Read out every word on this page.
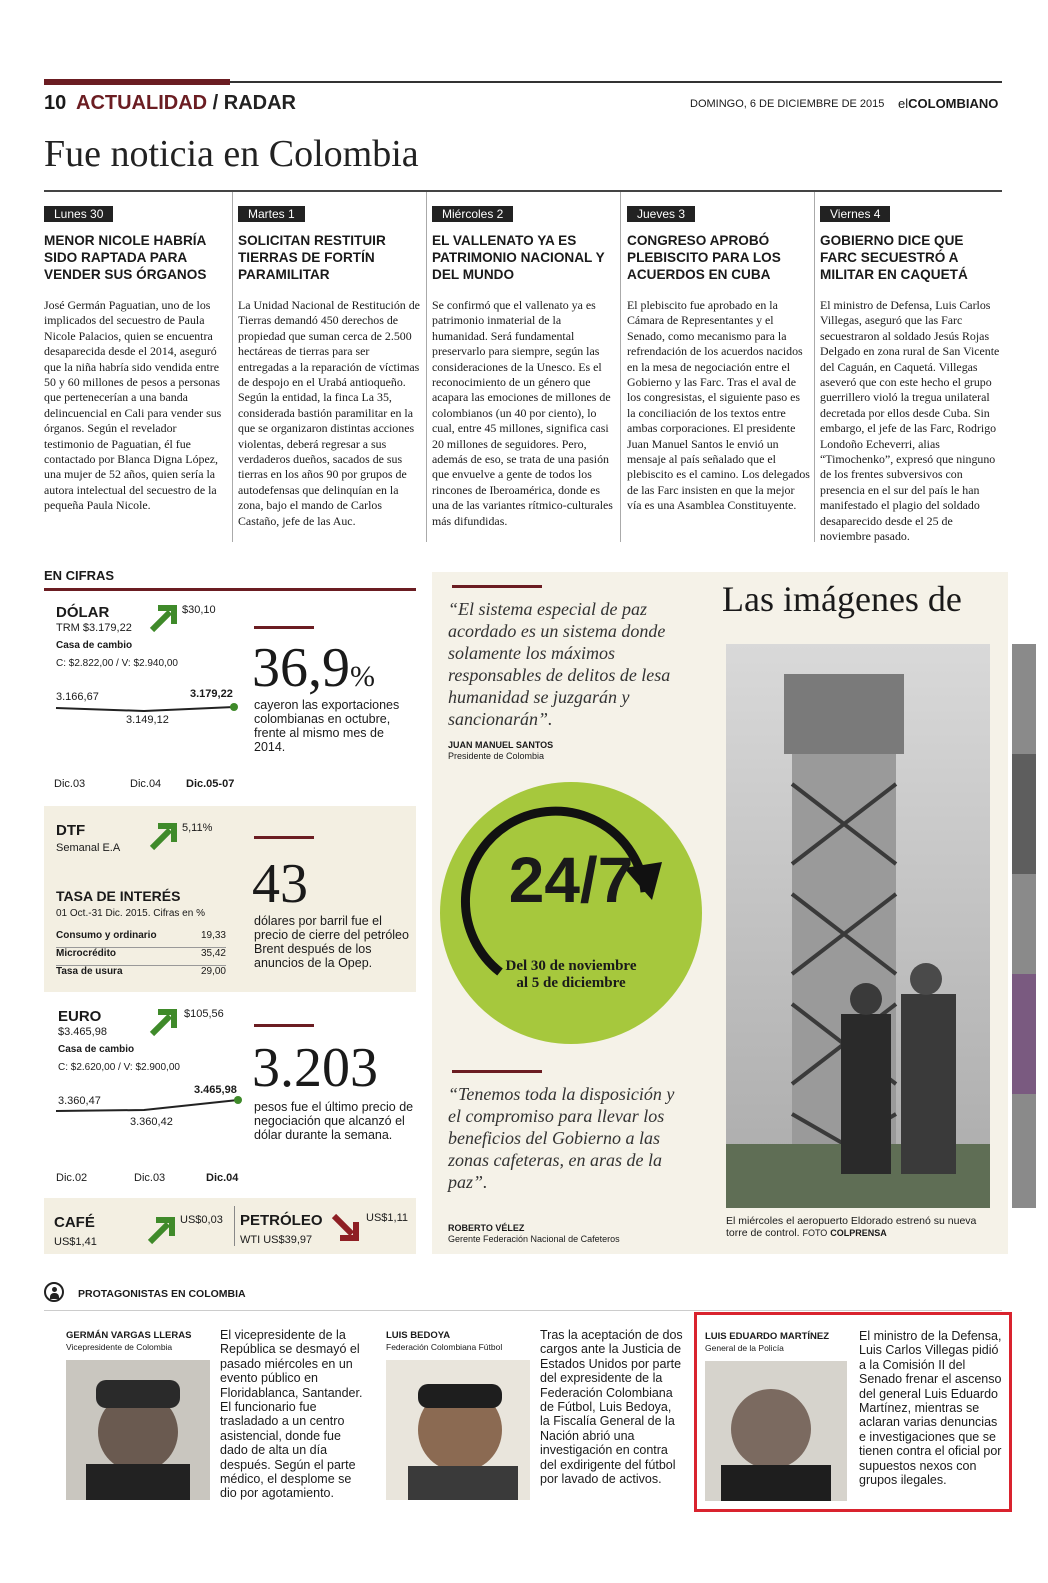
10 ACTUALIDAD / RADAR	DOMINGO, 6 DE DICIEMBRE DE 2015 elCOLOMBIANO
Fue noticia en Colombia
Lunes 30
MENOR NICOLE HABRÍA SIDO RAPTADA PARA VENDER SUS ÓRGANOS
José Germán Paguatian, uno de los implicados del secuestro de Paula Nicole Palacios, quien se encuentra desaparecida desde el 2014, aseguró que la niña habría sido vendida entre 50 y 60 millones de pesos a personas que pertenecerían a una banda delincuencial en Cali para vender sus órganos. Según el revelador testimonio de Paguatian, él fue contactado por Blanca Digna López, una mujer de 52 años, quien sería la autora intelectual del secuestro de la pequeña Paula Nicole.
Martes 1
SOLICITAN RESTITUIR TIERRAS DE FORTÍN PARAMILITAR
La Unidad Nacional de Restitución de Tierras demandó 450 derechos de propiedad que suman cerca de 2.500 hectáreas de tierras para ser entregadas a la reparación de víctimas de despojo en el Urabá antioqueño. Según la entidad, la finca La 35, considerada bastión paramilitar en la que se organizaron distintas acciones violentas, deberá regresar a sus verdaderos dueños, sacados de sus tierras en los años 90 por grupos de autodefensas que delinquían en la zona, bajo el mando de Carlos Castaño, jefe de las Auc.
Miércoles 2
EL VALLENATO YA ES PATRIMONIO NACIONAL Y DEL MUNDO
Se confirmó que el vallenato ya es patrimonio inmaterial de la humanidad. Será fundamental preservarlo para siempre, según las consideraciones de la Unesco. Es el reconocimiento de un género que acapara las emociones de millones de colombianos (un 40 por ciento), lo cual, entre 45 millones, significa casi 20 millones de seguidores. Pero, además de eso, se trata de una pasión que envuelve a gente de todos los rincones de Iberoamérica, donde es una de las variantes rítmico-culturales más difundidas.
Jueves 3
CONGRESO APROBÓ PLEBISCITO PARA LOS ACUERDOS EN CUBA
El plebiscito fue aprobado en la Cámara de Representantes y el Senado, como mecanismo para la refrendación de los acuerdos nacidos en la mesa de negociación entre el Gobierno y las Farc. Tras el aval de los congresistas, el siguiente paso es la conciliación de los textos entre ambas corporaciones. El presidente Juan Manuel Santos le envió un mensaje al país señalado que el plebiscito es el camino. Los delegados de las Farc insisten en que la mejor vía es una Asamblea Constituyente.
Viernes 4
GOBIERNO DICE QUE FARC SECUESTRÓ A MILITAR EN CAQUETÁ
El ministro de Defensa, Luis Carlos Villegas, aseguró que las Farc secuestraron al soldado Jesús Rojas Delgado en zona rural de San Vicente del Caguán, en Caquetá. Villegas aseveró que con este hecho el grupo guerrillero violó la tregua unilateral decretada por ellos desde Cuba. Sin embargo, el jefe de las Farc, Rodrigo Londoño Echeverri, alias “Timochenko”, expresó que ninguno de los frentes subversivos con presencia en el sur del país le han manifestado el plagio del soldado desaparecido desde el 25 de noviembre pasado.
EN CIFRAS
DÓLAR
TRM $3.179,22
$30,10
Casa de cambio
C: $2.822,00 / V: $2.940,00
3.166,67
3.149,12
3.179,22
Dic.03	Dic.04 Dic.05-07
36,9%
cayeron las exportaciones colombianas en octubre, frente al mismo mes de 2014.
DTF
Semanal E.A
5,11%
TASA DE INTERÉS
01 Oct.-31 Dic. 2015. Cifras en %
Consumo y ordinario	19,33
Microcrédito	35,42
Tasa de usura	29,00
43
dólares por barril fue el precio de cierre del petróleo Brent después de los anuncios de la Opep.
EURO
$3.465,98
$105,56
Casa de cambio
C: $2.620,00 / V: $2.900,00
3.360,47
3.360,42
3.465,98
Dic.02	Dic.03	Dic.04
3.203
pesos fue el último precio de negociación que alcanzó el dólar durante la semana.
CAFÉ
US$1,41
US$0,03 PETRÓLEO
WTI US$39,97
US$1,11
“El sistema especial de paz acordado es un sistema donde solamente los máximos responsables de delitos de lesa humanidad se juzgarán y sancionarán”.
JUAN MANUEL SANTOS
Presidente de Colombia
24/7
Del 30 de noviembre
al 5 de diciembre
“Tenemos toda la disposición y el compromiso para llevar los beneficios del Gobierno a las zonas cafeteras, en aras de la paz”.
ROBERTO VÉLEZ
Gerente Federación Nacional de Cafeteros
Las imágenes de
El miércoles el aeropuerto Eldorado estrenó su nueva torre de control. FOTO COLPRENSA
PROTAGONISTAS EN COLOMBIA
GERMÁN VARGAS LLERAS
Vicepresidente de Colombia
El vicepresidente de la República se desmayó el pasado miércoles en un evento público en Floridablanca, Santander. El funcionario fue trasladado a un centro asistencial, donde fue dado de alta un día después. Según el parte médico, el desplome se dio por agotamiento.
LUIS BEDOYA
Federación Colombiana Fútbol
Tras la aceptación de dos cargos ante la Justicia de Estados Unidos por parte del expresidente de la Federación Colombiana de Fútbol, Luis Bedoya, la Fiscalía General de la Nación abrió una investigación en contra del exdirigente del fútbol por lavado de activos.
LUIS EDUARDO MARTÍNEZ
General de la Policía
El ministro de la Defensa, Luis Carlos Villegas pidió a la Comisión II del Senado frenar el ascenso del general Luis Eduardo Martínez, mientras se aclaran varias denuncias e investigaciones que se tienen contra el oficial por supuestos nexos con grupos ilegales.
